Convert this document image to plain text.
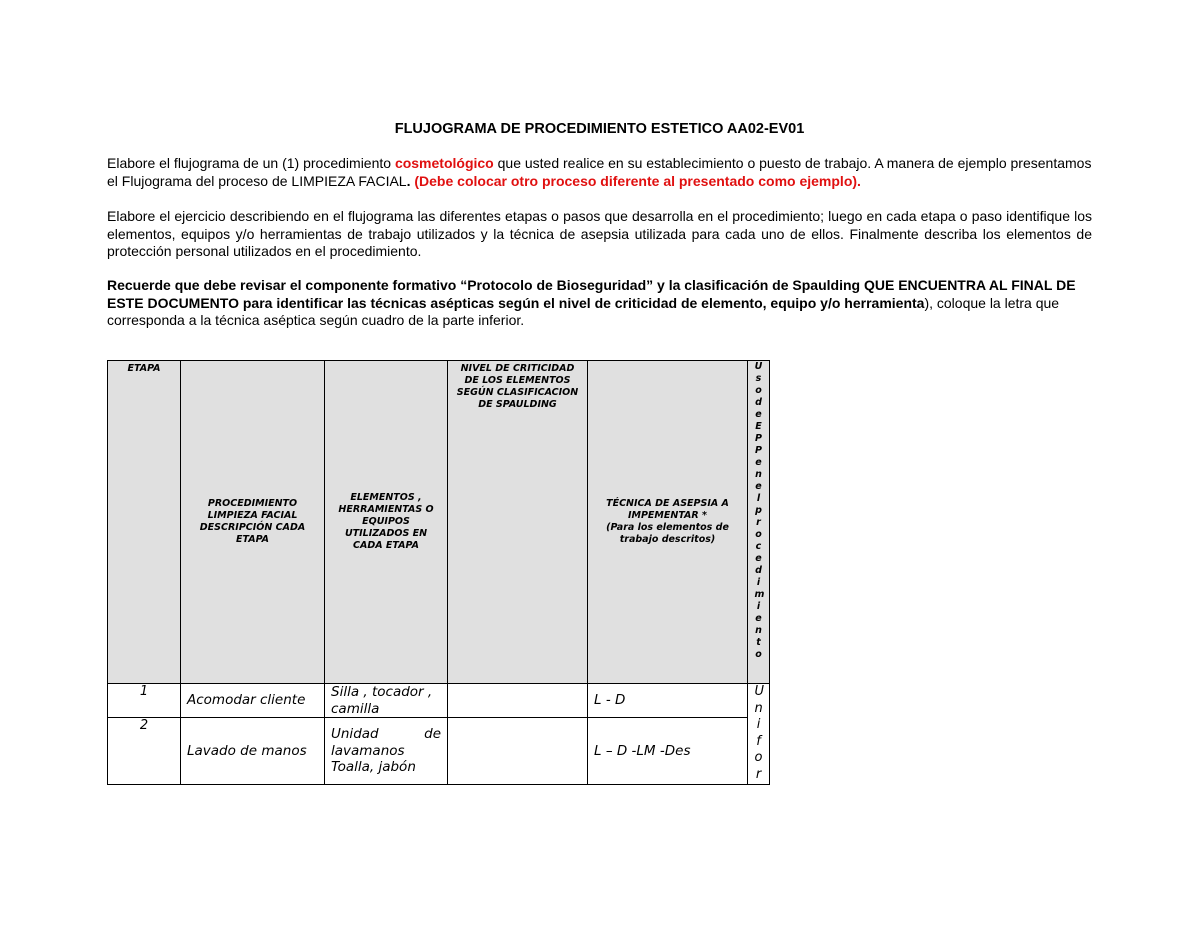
FLUJOGRAMA DE PROCEDIMIENTO ESTETICO AA02-EV01
Elabore el flujograma de un (1) procedimiento cosmetológico que usted realice en su establecimiento o puesto de trabajo. A manera de ejemplo presentamos el Flujograma del proceso de LIMPIEZA FACIAL. (Debe colocar otro proceso diferente al presentado como ejemplo).
Elabore el ejercicio describiendo en el flujograma las diferentes etapas o pasos que desarrolla en el procedimiento; luego en cada etapa o paso identifique los elementos, equipos y/o herramientas de trabajo utilizados y la técnica de asepsia utilizada para cada uno de ellos. Finalmente describa los elementos de protección personal utilizados en el procedimiento.
Recuerde que debe revisar el componente formativo “Protocolo de Bioseguridad” y la clasificación de Spaulding QUE ENCUENTRA AL FINAL DE ESTE DOCUMENTO para identificar las técnicas asépticas según el nivel de criticidad de elemento, equipo y/o herramienta), coloque la letra que corresponda a la técnica aséptica según cuadro de la parte inferior.
ETAPA	PROCEDIMIENTO LIMPIEZA FACIAL DESCRIPCIÓN CADA ETAPA	ELEMENTOS , HERRAMIENTAS O EQUIPOS UTILIZADOS EN CADA ETAPA	NIVEL DE CRITICIDAD DE LOS ELEMENTOS SEGÚN CLASIFICACION DE SPAULDING	TÉCNICA DE ASEPSIA A IMPEMENTAR *
(Para los elementos de trabajo descritos)	UsodeEPPenelprocedimiento

1	Acomodar cliente	Silla , tocador , camilla		L - D	Unifor

2	Lavado de manos	Unidad de lavamanos Toalla, jabón		L – D -LM -Des	
